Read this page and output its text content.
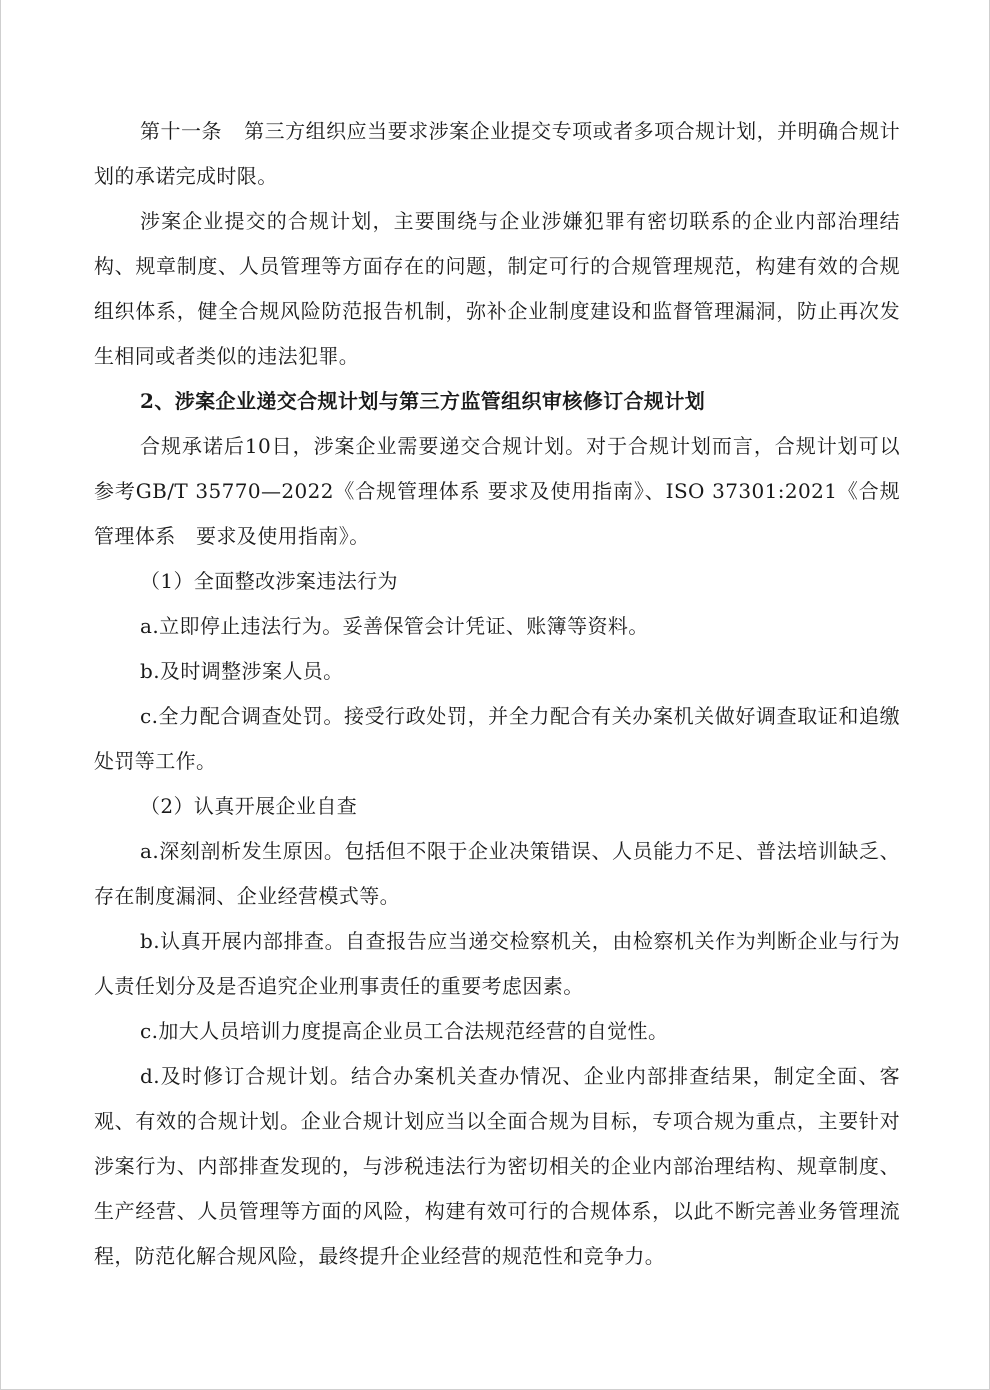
第十一条 第三方组织应当要求涉案企业提交专项或者多项合规计划，并明确合规计划的承诺完成时限。

涉案企业提交的合规计划，主要围绕与企业涉嫌犯罪有密切联系的企业内部治理结构、规章制度、人员管理等方面存在的问题，制定可行的合规管理规范，构建有效的合规组织体系，健全合规风险防范报告机制，弥补企业制度建设和监督管理漏洞，防止再次发生相同或者类似的违法犯罪。

2、涉案企业递交合规计划与第三方监管组织审核修订合规计划

合规承诺后10日，涉案企业需要递交合规计划。对于合规计划而言，合规计划可以参考GB/T 35770—2022《合规管理体系 要求及使用指南》、ISO 37301:2021《合规管理体系　要求及使用指南》。

（1）全面整改涉案违法行为

a.立即停止违法行为。妥善保管会计凭证、账簿等资料。

b.及时调整涉案人员。

c.全力配合调查处罚。接受行政处罚，并全力配合有关办案机关做好调查取证和追缴处罚等工作。

（2）认真开展企业自查

a.深刻剖析发生原因。包括但不限于企业决策错误、人员能力不足、普法培训缺乏、存在制度漏洞、企业经营模式等。

b.认真开展内部排查。自查报告应当递交检察机关，由检察机关作为判断企业与行为人责任划分及是否追究企业刑事责任的重要考虑因素。

c.加大人员培训力度提高企业员工合法规范经营的自觉性。

d.及时修订合规计划。结合办案机关查办情况、企业内部排查结果，制定全面、客观、有效的合规计划。企业合规计划应当以全面合规为目标，专项合规为重点，主要针对涉案行为、内部排查发现的，与涉税违法行为密切相关的企业内部治理结构、规章制度、生产经营、人员管理等方面的风险，构建有效可行的合规体系，以此不断完善业务管理流程，防范化解合规风险，最终提升企业经营的规范性和竞争力。
